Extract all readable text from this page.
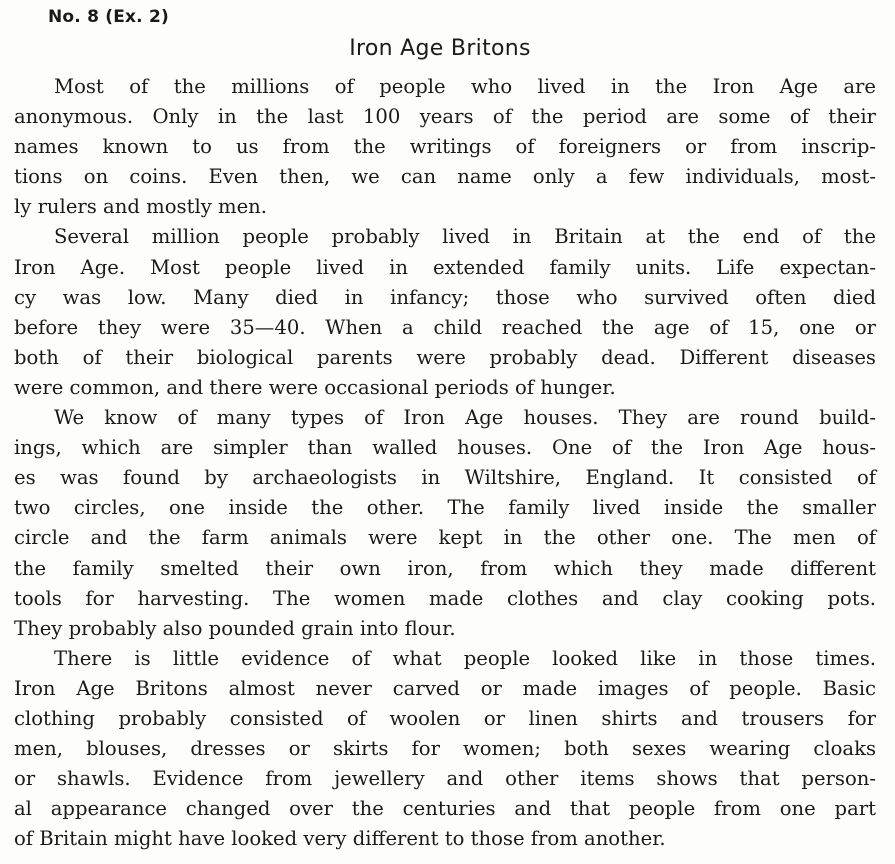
No. 8 (Ex. 2)
Iron Age Britons
Most of the millions of people who lived in the Iron Age are
anonymous. Only in the last 100 years of the period are some of their
names known to us from the writings of foreigners or from inscrip-
tions on coins. Even then, we can name only a few individuals, most-
ly rulers and mostly men.
Several million people probably lived in Britain at the end of the
Iron Age. Most people lived in extended family units. Life expectan-
cy was low. Many died in infancy; those who survived often died
before they were 35—40. When a child reached the age of 15, one or
both of their biological parents were probably dead. Different diseases
were common, and there were occasional periods of hunger.
We know of many types of Iron Age houses. They are round build-
ings, which are simpler than walled houses. One of the Iron Age hous-
es was found by archaeologists in Wiltshire, England. It consisted of
two circles, one inside the other. The family lived inside the smaller
circle and the farm animals were kept in the other one. The men of
the family smelted their own iron, from which they made different
tools for harvesting. The women made clothes and clay cooking pots.
They probably also pounded grain into flour.
There is little evidence of what people looked like in those times.
Iron Age Britons almost never carved or made images of people. Basic
clothing probably consisted of woolen or linen shirts and trousers for
men, blouses, dresses or skirts for women; both sexes wearing cloaks
or shawls. Evidence from jewellery and other items shows that person-
al appearance changed over the centuries and that people from one part
of Britain might have looked very different to those from another.
